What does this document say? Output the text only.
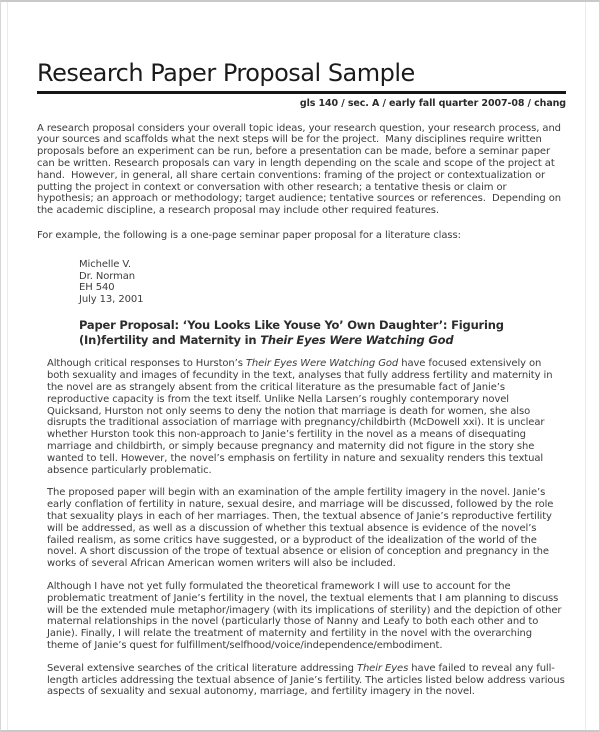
Research Paper Proposal Sample
gls 140 / sec. A / early fall quarter 2007-08 / chang

A research proposal considers your overall topic ideas, your research question, your research process, and your sources and scaffolds what the next steps will be for the project.  Many disciplines require written proposals before an experiment can be run, before a presentation can be made, before a seminar paper can be written. Research proposals can vary in length depending on the scale and scope of the project at hand.  However, in general, all share certain conventions: framing of the project or contextualization or putting the project in context or conversation with other research; a tentative thesis or claim or hypothesis; an approach or methodology; target audience; tentative sources or references.  Depending on the academic discipline, a research proposal may include other required features.

For example, the following is a one-page seminar paper proposal for a literature class:

Michelle V.
Dr. Norman
EH 540
July 13, 2001
Paper Proposal: ‘You Looks Like Youse Yo’ Own Daughter’: Figuring (In)fertility and Maternity in Their Eyes Were Watching God

Although critical responses to Hurston’s Their Eyes Were Watching God have focused extensively on both sexuality and images of fecundity in the text, analyses that fully address fertility and maternity in the novel are as strangely absent from the critical literature as the presumable fact of Janie’s reproductive capacity is from the text itself. Unlike Nella Larsen’s roughly contemporary novel Quicksand, Hurston not only seems to deny the notion that marriage is death for women, she also disrupts the traditional association of marriage with pregnancy/childbirth (McDowell xxi). It is unclear whether Hurston took this non-approach to Janie’s fertility in the novel as a means of disequating marriage and childbirth, or simply because pregnancy and maternity did not figure in the story she wanted to tell. However, the novel’s emphasis on fertility in nature and sexuality renders this textual absence particularly problematic.

The proposed paper will begin with an examination of the ample fertility imagery in the novel. Janie’s early conflation of fertility in nature, sexual desire, and marriage will be discussed, followed by the role that sexuality plays in each of her marriages. Then, the textual absence of Janie’s reproductive fertility will be addressed, as well as a discussion of whether this textual absence is evidence of the novel’s failed realism, as some critics have suggested, or a byproduct of the idealization of the world of the novel. A short discussion of the trope of textual absence or elision of conception and pregnancy in the works of several African American women writers will also be included.

Although I have not yet fully formulated the theoretical framework I will use to account for the problematic treatment of Janie’s fertility in the novel, the textual elements that I am planning to discuss will be the extended mule metaphor/imagery (with its implications of sterility) and the depiction of other maternal relationships in the novel (particularly those of Nanny and Leafy to both each other and to Janie). Finally, I will relate the treatment of maternity and fertility in the novel with the overarching theme of Janie’s quest for fulfillment/selfhood/voice/independence/embodiment.

Several extensive searches of the critical literature addressing Their Eyes have failed to reveal any full-length articles addressing the textual absence of Janie’s fertility. The articles listed below address various aspects of sexuality and sexual autonomy, marriage, and fertility imagery in the novel.
